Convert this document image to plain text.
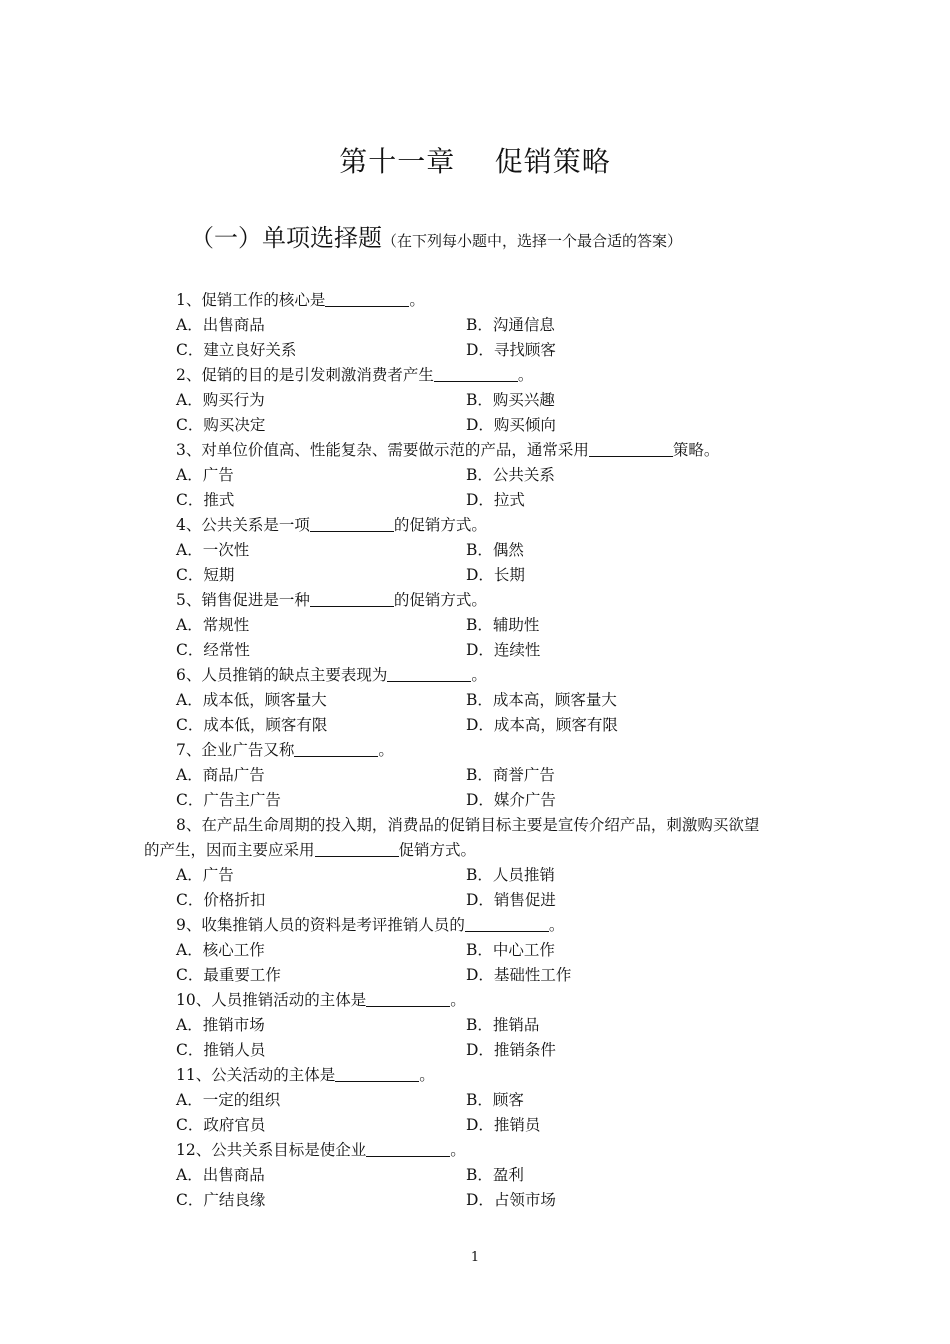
第十一章    促销策略
（一）单项选择题（在下列每小题中，选择一个最合适的答案）
1、促销工作的核心是	。
A．出售商品	B．沟通信息
C．建立良好关系	D．寻找顾客
2、促销的目的是引发刺激消费者产生	。
A．购买行为	B．购买兴趣
C．购买决定	D．购买倾向
3、对单位价值高、性能复杂、需要做示范的产品，通常采用	策略。
A．广告	B．公共关系
C．推式	D．拉式
4、公共关系是一项	的促销方式。
A．一次性	B．偶然
C．短期	D．长期
5、销售促进是一种	的促销方式。
A．常规性	B．辅助性
C．经常性	D．连续性
6、人员推销的缺点主要表现为	。
A．成本低，顾客量大	B．成本高，顾客量大
C．成本低，顾客有限	D．成本高，顾客有限
7、企业广告又称	。
A．商品广告	B．商誉广告
C．广告主广告	D．媒介广告
8、在产品生命周期的投入期，消费品的促销目标主要是宣传介绍产品，刺激购买欲望
的产生，因而主要应采用	促销方式。
A．广告	B．人员推销
C．价格折扣	D．销售促进
9、收集推销人员的资料是考评推销人员的	。
A．核心工作	B．中心工作
C．最重要工作	D．基础性工作
10、人员推销活动的主体是	。
A．推销市场	B．推销品
C．推销人员	D．推销条件
11、公关活动的主体是	。
A．一定的组织	B．顾客
C．政府官员	D．推销员
12、公共关系目标是使企业	。
A．出售商品	B．盈利
C．广结良缘	D．占领市场
1
